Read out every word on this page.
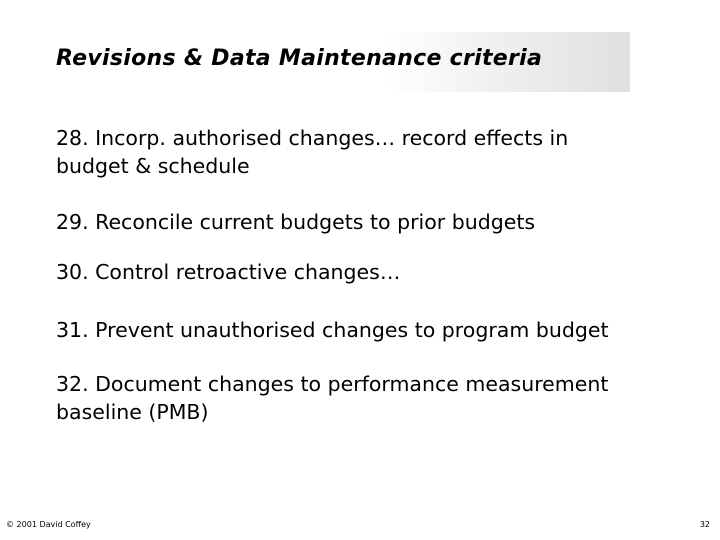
Revisions & Data Maintenance criteria
28. Incorp. authorised changes… record effects in
budget & schedule
29. Reconcile current budgets to prior budgets
30. Control retroactive changes…
31. Prevent unauthorised changes to program budget
32. Document changes to performance measurement
baseline (PMB)
© 2001 David Coffey	32
